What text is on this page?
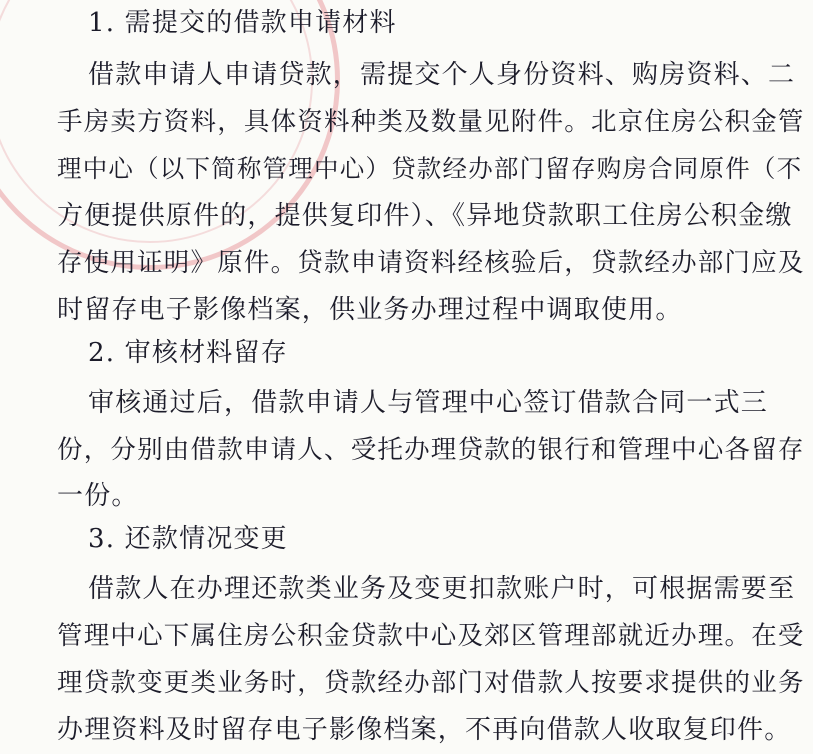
1. 需提交的借款申请材料
借款申请人申请贷款，需提交个人身份资料、购房资料、二
手房卖方资料，具体资料种类及数量见附件。北京住房公积金管
理中心（以下简称管理中心）贷款经办部门留存购房合同原件（不
方便提供原件的，提供复印件）、《异地贷款职工住房公积金缴
存使用证明》原件。贷款申请资料经核验后，贷款经办部门应及
时留存电子影像档案，供业务办理过程中调取使用。
2. 审核材料留存
审核通过后，借款申请人与管理中心签订借款合同一式三
份，分别由借款申请人、受托办理贷款的银行和管理中心各留存
一份。
3. 还款情况变更
借款人在办理还款类业务及变更扣款账户时，可根据需要至
管理中心下属住房公积金贷款中心及郊区管理部就近办理。在受
理贷款变更类业务时，贷款经办部门对借款人按要求提供的业务
办理资料及时留存电子影像档案，不再向借款人收取复印件。
